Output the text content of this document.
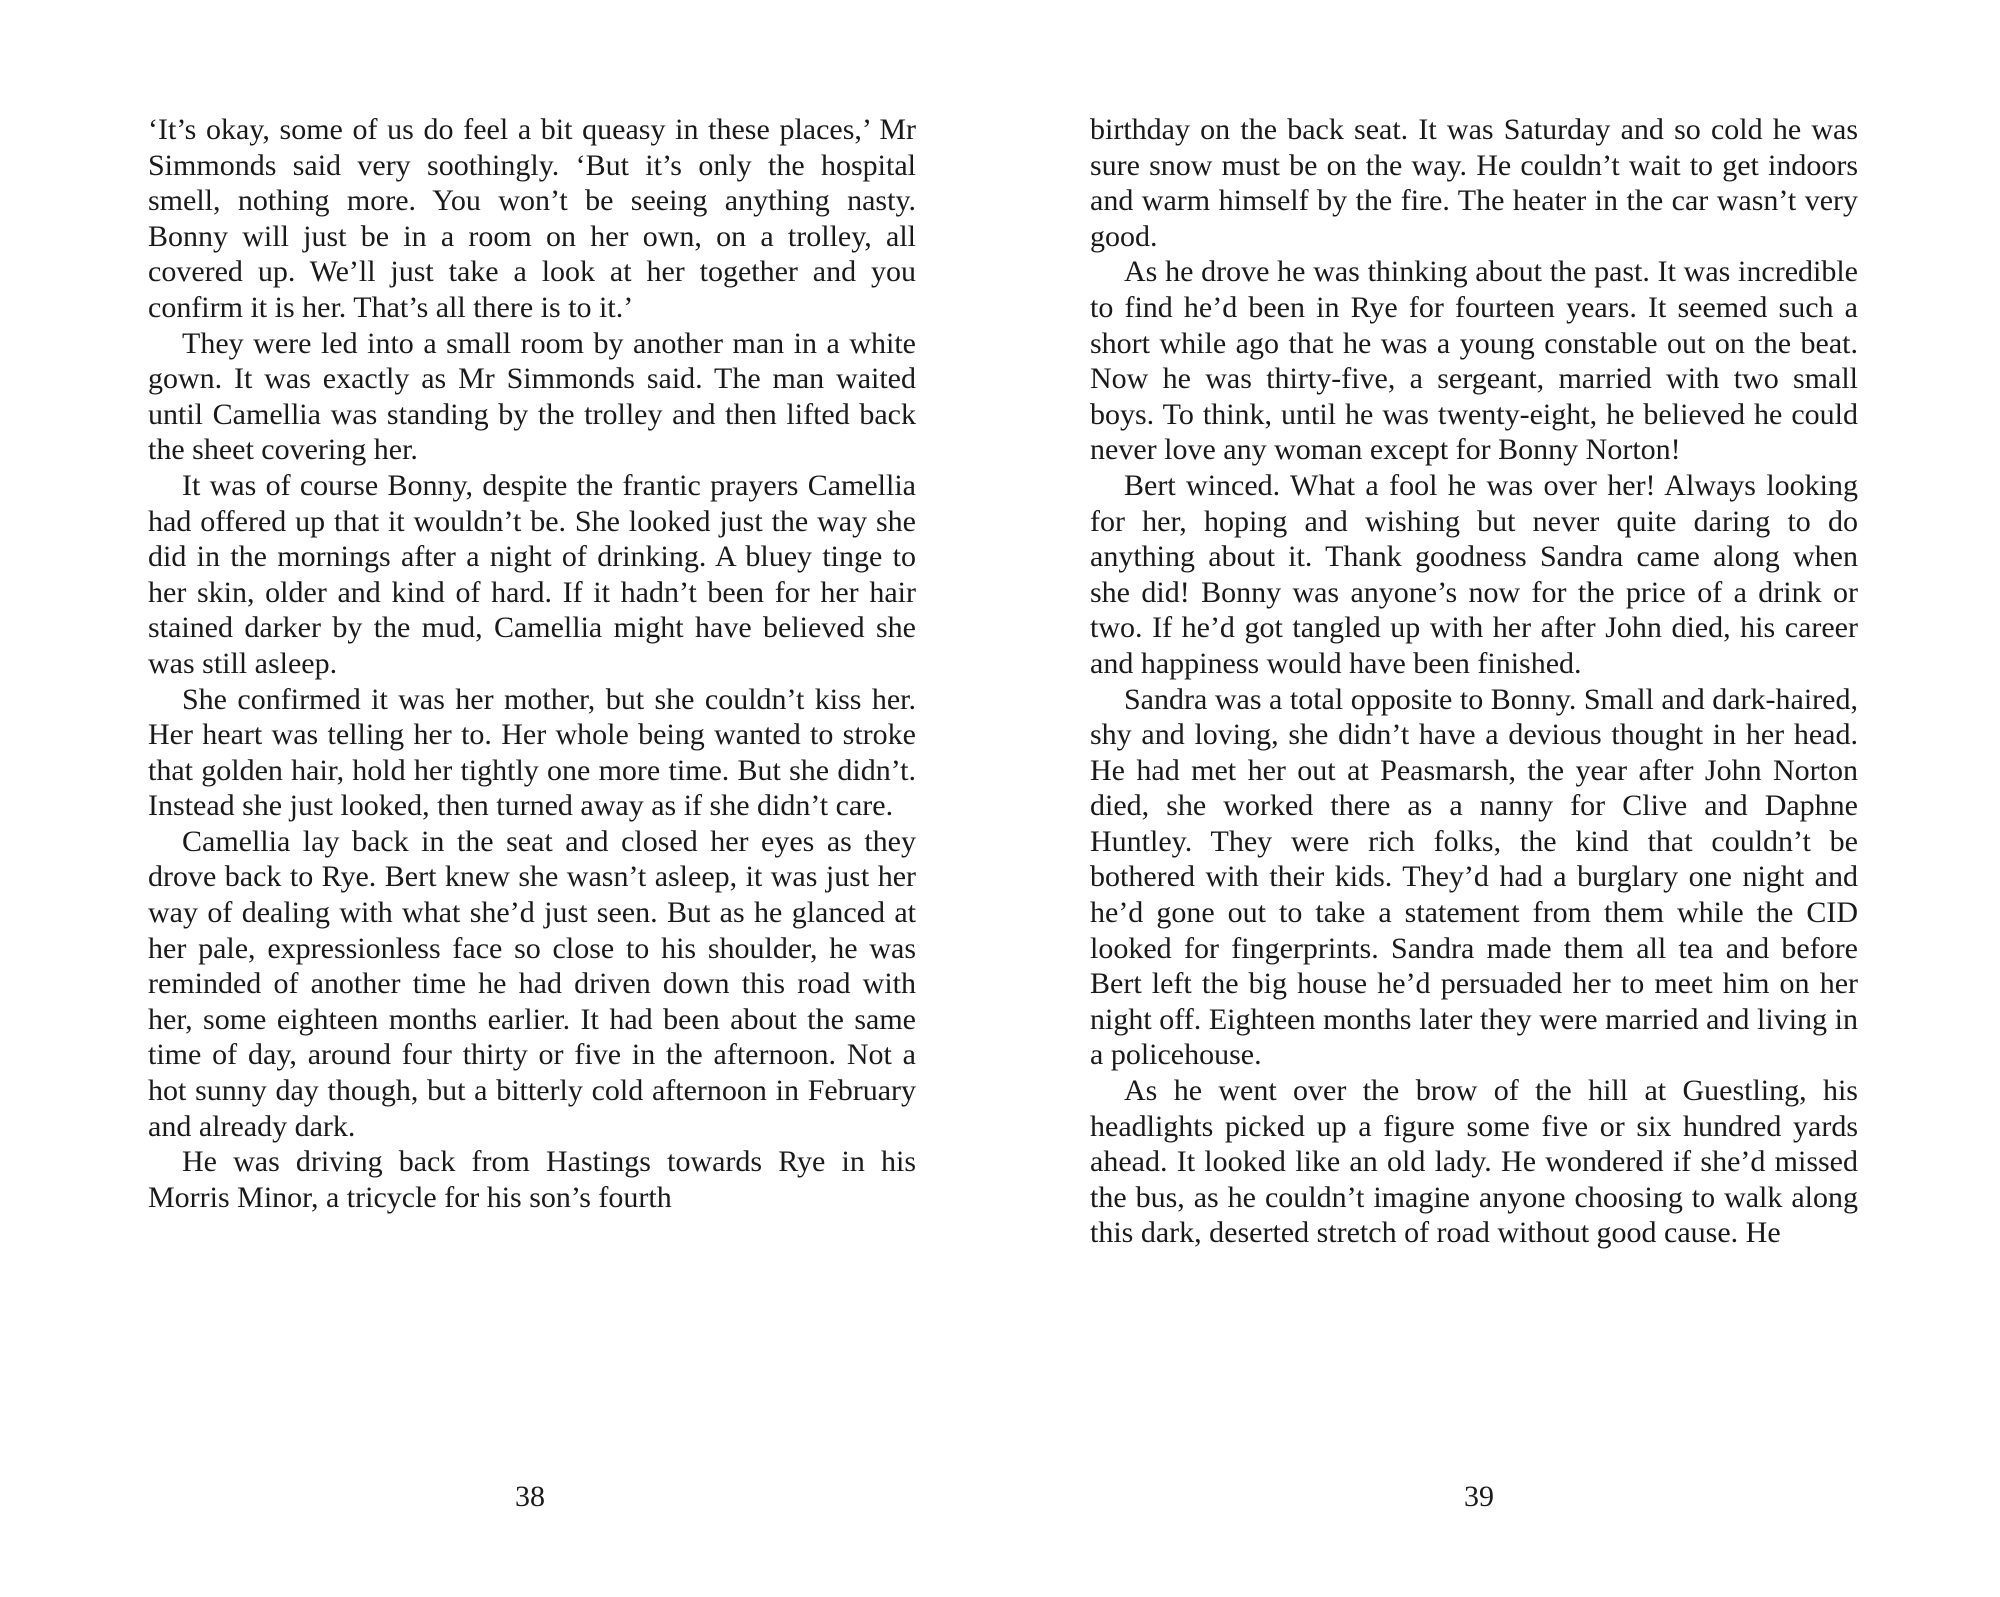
‘It’s okay, some of us do feel a bit queasy in these places,’ Mr Simmonds said very soothingly. ‘But it’s only the hospital smell, nothing more. You won’t be seeing anything nasty. Bonny will just be in a room on her own, on a trolley, all covered up. We’ll just take a look at her together and you confirm it is her. That’s all there is to it.’

They were led into a small room by another man in a white gown. It was exactly as Mr Simmonds said. The man waited until Camellia was standing by the trolley and then lifted back the sheet covering her.

It was of course Bonny, despite the frantic prayers Camellia had offered up that it wouldn’t be. She looked just the way she did in the mornings after a night of drinking. A bluey tinge to her skin, older and kind of hard. If it hadn’t been for her hair stained darker by the mud, Camellia might have believed she was still asleep.

She confirmed it was her mother, but she couldn’t kiss her. Her heart was telling her to. Her whole being wanted to stroke that golden hair, hold her tightly one more time. But she didn’t. Instead she just looked, then turned away as if she didn’t care.

Camellia lay back in the seat and closed her eyes as they drove back to Rye. Bert knew she wasn’t asleep, it was just her way of dealing with what she’d just seen. But as he glanced at her pale, expressionless face so close to his shoulder, he was reminded of another time he had driven down this road with her, some eighteen months earlier. It had been about the same time of day, around four thirty or five in the afternoon. Not a hot sunny day though, but a bitterly cold afternoon in February and already dark.

He was driving back from Hastings towards Rye in his Morris Minor, a tricycle for his son’s fourth

38

birthday on the back seat. It was Saturday and so cold he was sure snow must be on the way. He couldn’t wait to get indoors and warm himself by the fire. The heater in the car wasn’t very good.

As he drove he was thinking about the past. It was incredible to find he’d been in Rye for fourteen years. It seemed such a short while ago that he was a young constable out on the beat. Now he was thirty-five, a sergeant, married with two small boys. To think, until he was twenty-eight, he believed he could never love any woman except for Bonny Norton!

Bert winced. What a fool he was over her! Always looking for her, hoping and wishing but never quite daring to do anything about it. Thank goodness Sandra came along when she did! Bonny was anyone’s now for the price of a drink or two. If he’d got tangled up with her after John died, his career and happiness would have been finished.

Sandra was a total opposite to Bonny. Small and dark-haired, shy and loving, she didn’t have a devious thought in her head. He had met her out at Peasmarsh, the year after John Norton died, she worked there as a nanny for Clive and Daphne Huntley. They were rich folks, the kind that couldn’t be bothered with their kids. They’d had a burglary one night and he’d gone out to take a statement from them while the CID looked for fingerprints. Sandra made them all tea and before Bert left the big house he’d persuaded her to meet him on her night off. Eighteen months later they were married and living in a policehouse.

As he went over the brow of the hill at Guestling, his headlights picked up a figure some five or six hundred yards ahead. It looked like an old lady. He wondered if she’d missed the bus, as he couldn’t imagine anyone choosing to walk along this dark, deserted stretch of road without good cause. He

39
